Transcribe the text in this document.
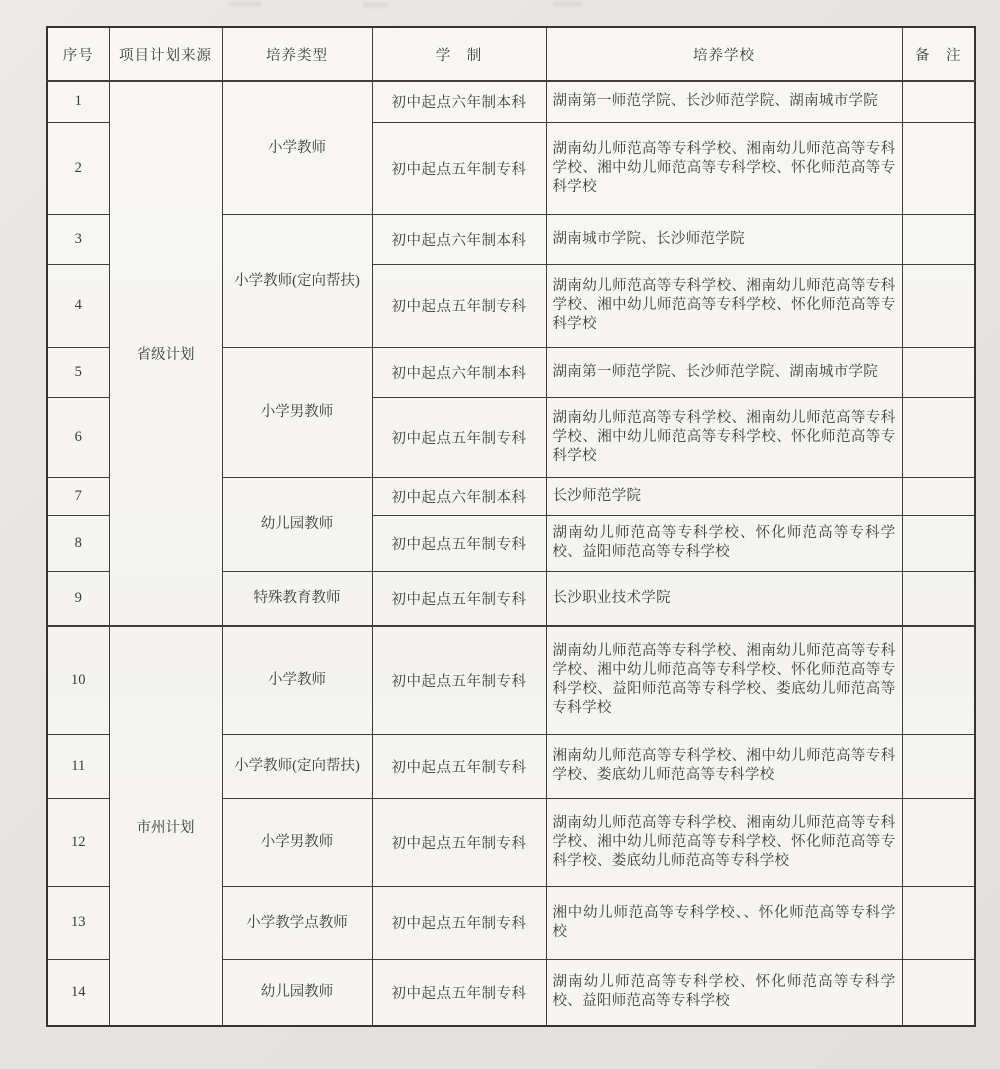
序号	项目计划来源	培养类型	学　制	培养学校	备　注
1	省级计划	小学教师	初中起点六年制本科	湖南第一师范学院、长沙师范学院、湖南城市学院	
2			初中起点五年制专科	湖南幼儿师范高等专科学校、湘南幼儿师范高等专科学校、湘中幼儿师范高等专科学校、怀化师范高等专科学校	
3		小学教师(定向帮扶)	初中起点六年制本科	湖南城市学院、长沙师范学院	
4			初中起点五年制专科	湖南幼儿师范高等专科学校、湘南幼儿师范高等专科学校、湘中幼儿师范高等专科学校、怀化师范高等专科学校	
5		小学男教师	初中起点六年制本科	湖南第一师范学院、长沙师范学院、湖南城市学院	
6			初中起点五年制专科	湖南幼儿师范高等专科学校、湘南幼儿师范高等专科学校、湘中幼儿师范高等专科学校、怀化师范高等专科学校	
7		幼儿园教师	初中起点六年制本科	长沙师范学院	
8			初中起点五年制专科	湖南幼儿师范高等专科学校、怀化师范高等专科学校、益阳师范高等专科学校	
9		特殊教育教师	初中起点五年制专科	长沙职业技术学院	
10	市州计划	小学教师	初中起点五年制专科	湖南幼儿师范高等专科学校、湘南幼儿师范高等专科学校、湘中幼儿师范高等专科学校、怀化师范高等专科学校、益阳师范高等专科学校、娄底幼儿师范高等专科学校	
11		小学教师(定向帮扶)	初中起点五年制专科	湘南幼儿师范高等专科学校、湘中幼儿师范高等专科学校、娄底幼儿师范高等专科学校	
12		小学男教师	初中起点五年制专科	湖南幼儿师范高等专科学校、湘南幼儿师范高等专科学校、湘中幼儿师范高等专科学校、怀化师范高等专科学校、娄底幼儿师范高等专科学校	
13		小学教学点教师	初中起点五年制专科	湘中幼儿师范高等专科学校、、怀化师范高等专科学校	
14		幼儿园教师	初中起点五年制专科	湖南幼儿师范高等专科学校、怀化师范高等专科学校、益阳师范高等专科学校	
